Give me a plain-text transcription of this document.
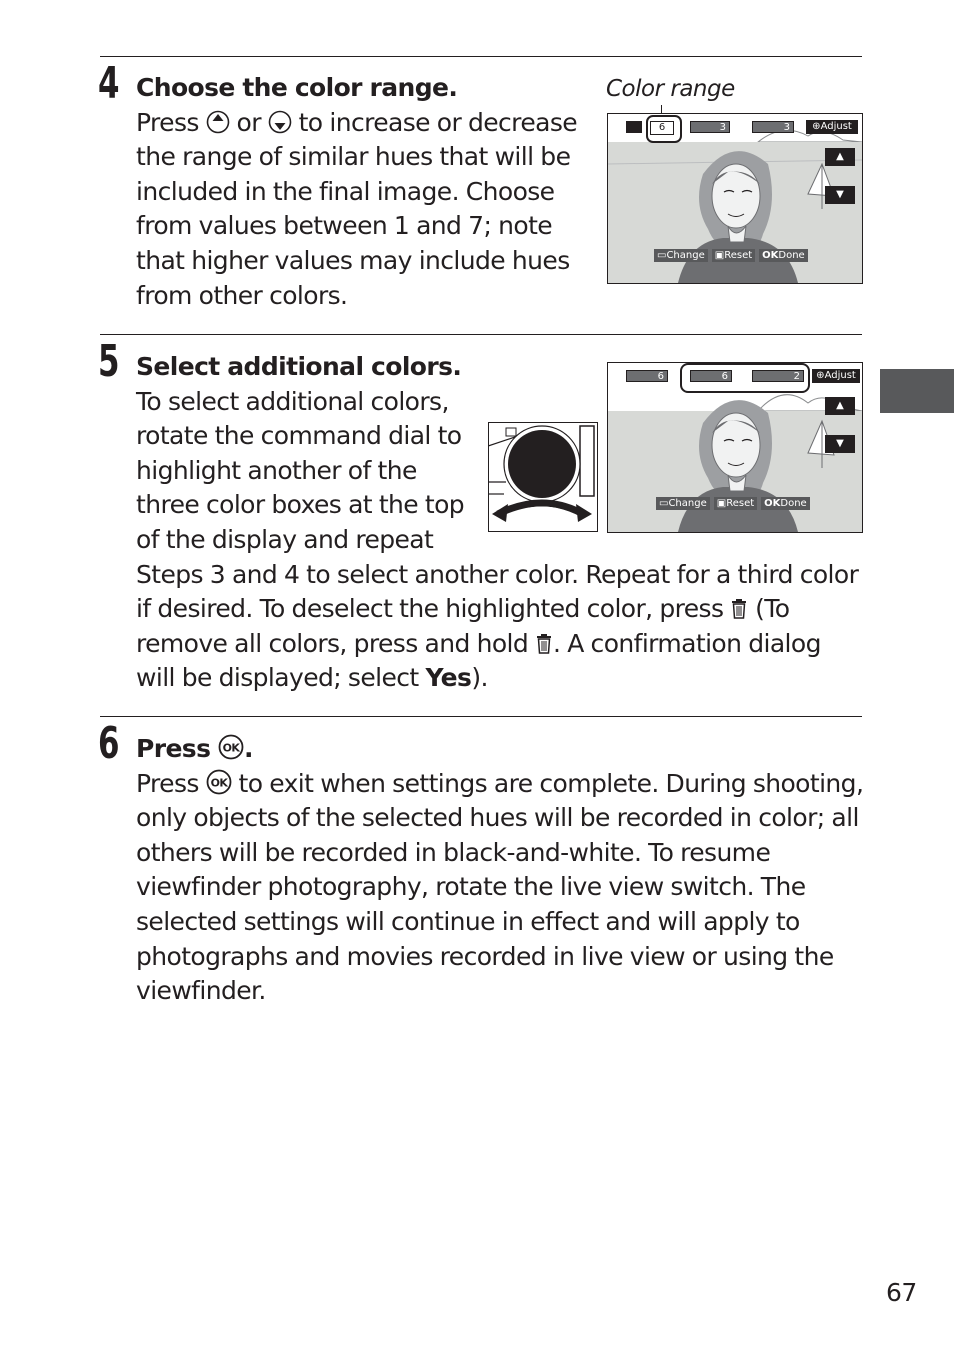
4 Choose the color range.
Press or to increase or decrease
the range of similar hues that will be
included in the final image. Choose
from values between 1 and 7; note
that higher values may include hues
from other colors.
Color range
6	3	3	⊕Adjust
▲
▼
▭Change	▣Reset	OKDone
5 Select additional colors.
To select additional colors,
rotate the command dial to
highlight another of the
three color boxes at the top
of the display and repeat
Steps 3 and 4 to select another color. Repeat for a third color
if desired. To deselect the highlighted color, press (To
remove all colors, press and hold . A confirmation dialog
will be displayed; select Yes).
6	6	2	⊕Adjust
▲
▼
▭Change	▣Reset	OKDone
6 Press OK .
Press OK to exit when settings are complete. During shooting,
only objects of the selected hues will be recorded in color; all
others will be recorded in black-and-white. To resume
viewfinder photography, rotate the live view switch. The
selected settings will continue in effect and will apply to
photographs and movies recorded in live view or using the
viewfinder.
67
